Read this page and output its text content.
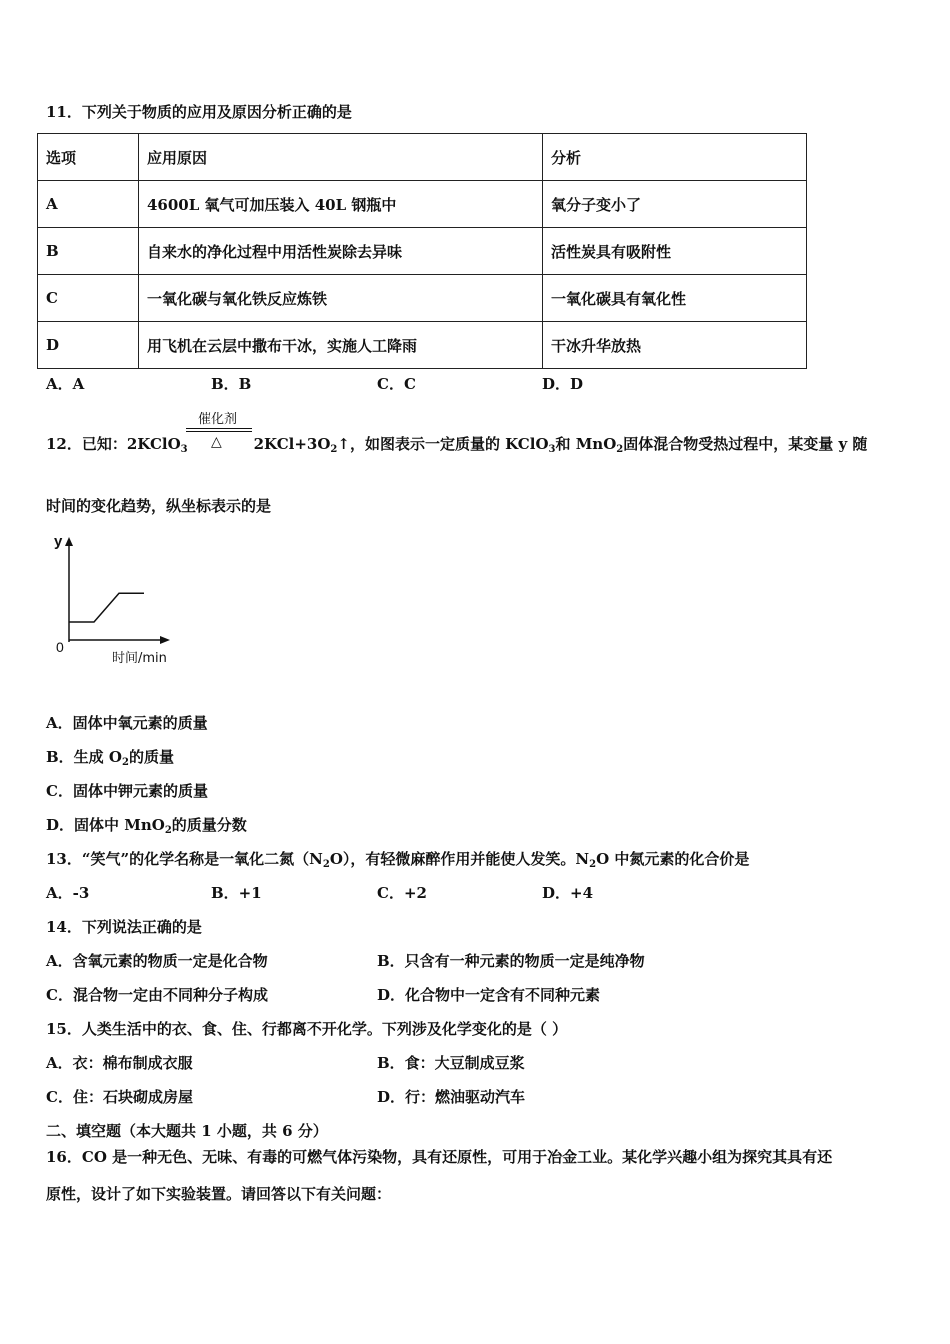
11．下列关于物质的应用及原因分析正确的是
选项	应用原因	分析
A	4600L 氧气可加压装入 40L 钢瓶中	氧分子变小了
B	自来水的净化过程中用活性炭除去异味	活性炭具有吸附性
C	一氧化碳与氧化铁反应炼铁	一氧化碳具有氧化性
D	用飞机在云层中撒布干冰，实施人工降雨	干冰升华放热
A．A	B．B	C．C	D．D
催化剂
△
12．已知：2KClO$_3$	$2KCl+3O_2↑$，如图表示一定质量的 KClO$_3$和 MnO$_2$固体混合物受热过程中，某变量 y 随
时间的变化趋势，纵坐标表示的是
y
0
时间/min
A．固体中氧元素的质量
B．生成 $O_2$的质量
C．固体中钾元素的质量
D．固体中 MnO$_2$的质量分数
13．“笑气”的化学名称是一氧化二氮$(N_2O)$，有轻微麻醉作用并能使人发笑。$N_2O$ 中氮元素的化合价是
A．-3	B．+1	C．+2	D．+4
14．下列说法正确的是
A．含氧元素的物质一定是化合物	B．只含有一种元素的物质一定是纯净物
C．混合物一定由不同种分子构成	D．化合物中一定含有不同种元素
15．人类生活中的衣、食、住、行都离不开化学。下列涉及化学变化的是（ ）
A．衣：棉布制成衣服	B．食：大豆制成豆浆
C．住：石块砌成房屋	D．行：燃油驱动汽车
二、填空题（本大题共 1 小题，共 6 分）
16．CO 是一种无色、无味、有毒的可燃气体污染物，具有还原性，可用于冶金工业。某化学兴趣小组为探究其具有还
原性，设计了如下实验装置。请回答以下有关问题：
